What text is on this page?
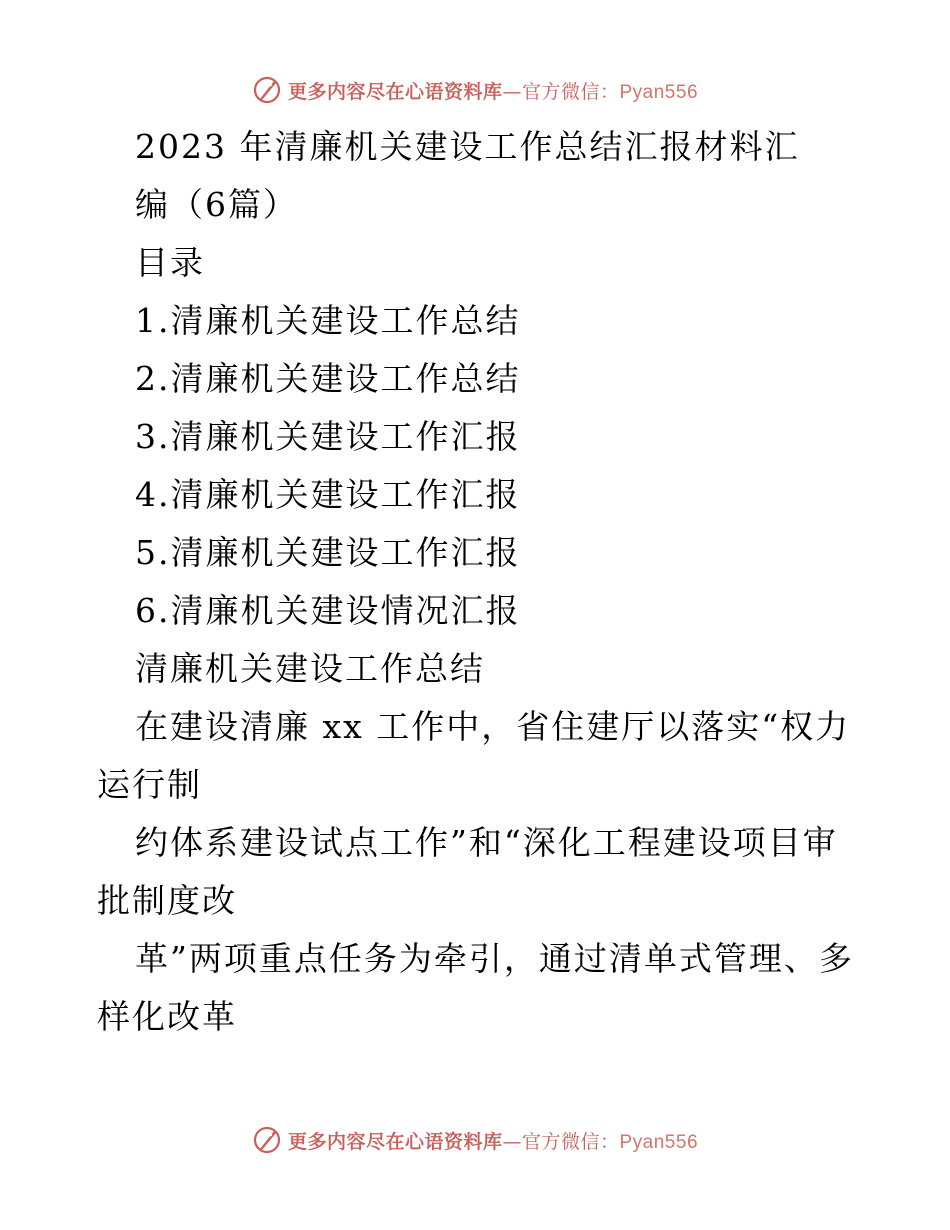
更多内容尽在心语资料库—官方微信：Pyan556
2023 年清廉机关建设工作总结汇报材料汇
编（6篇）
目录
1.清廉机关建设工作总结
2.清廉机关建设工作总结
3.清廉机关建设工作汇报
4.清廉机关建设工作汇报
5.清廉机关建设工作汇报
6.清廉机关建设情况汇报
清廉机关建设工作总结
在建设清廉 xx 工作中，省住建厅以落实“权力
运行制
约体系建设试点工作”和“深化工程建设项目审
批制度改
革”两项重点任务为牵引，通过清单式管理、多
样化改革
更多内容尽在心语资料库—官方微信：Pyan556
